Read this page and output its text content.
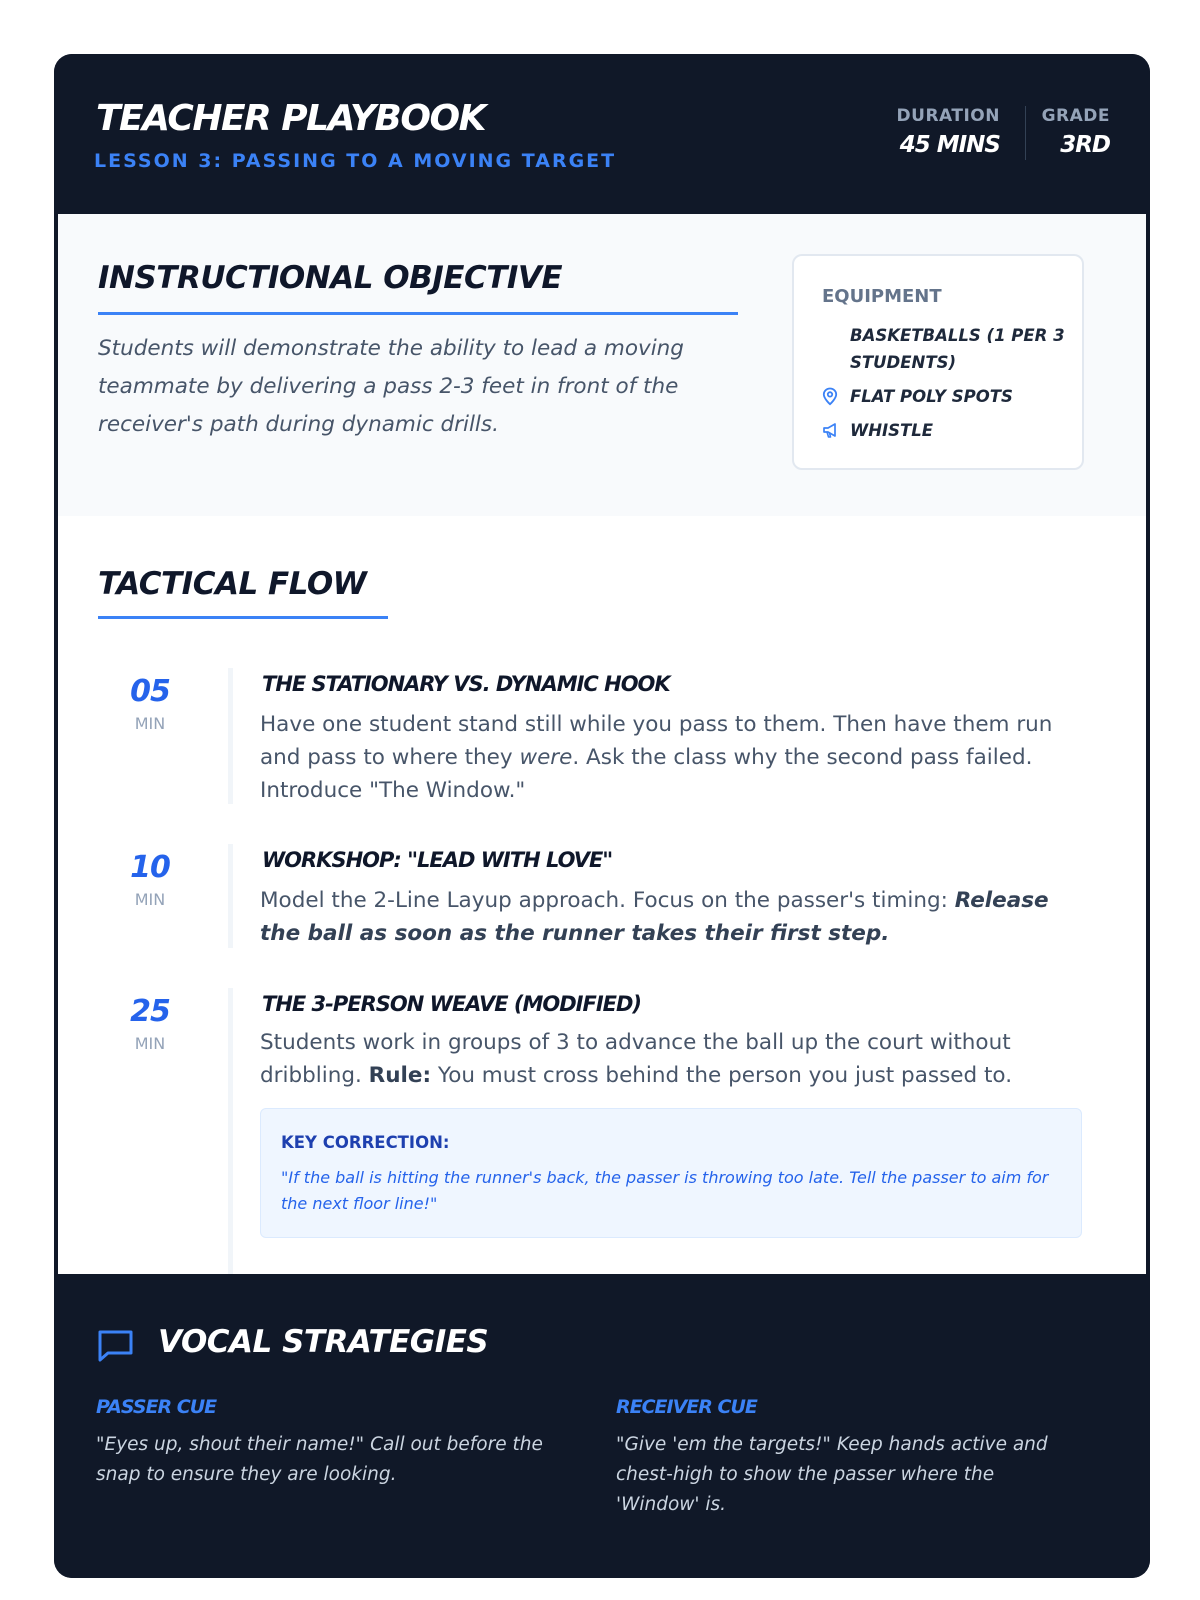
TEACHER PLAYBOOK
LESSON 3: PASSING TO A MOVING TARGET
DURATION
45 MINS
GRADE
3RD
INSTRUCTIONAL OBJECTIVE
Students will demonstrate the ability to lead a moving teammate by delivering a pass 2-3 feet in front of the receiver's path during dynamic drills.
EQUIPMENT
BASKETBALLS (1 PER 3 STUDENTS)
FLAT POLY SPOTS
WHISTLE
TACTICAL FLOW
05
MIN
THE STATIONARY VS. DYNAMIC HOOK
Have one student stand still while you pass to them. Then have them run and pass to where they were. Ask the class why the second pass failed. Introduce "The Window."
10
MIN
WORKSHOP: "LEAD WITH LOVE"
Model the 2-Line Layup approach. Focus on the passer's timing: Release the ball as soon as the runner takes their first step.
25
MIN
THE 3-PERSON WEAVE (MODIFIED)
Students work in groups of 3 to advance the ball up the court without dribbling. Rule: You must cross behind the person you just passed to.
KEY CORRECTION:
"If the ball is hitting the runner's back, the passer is throwing too late. Tell the passer to aim for the next floor line!"
VOCAL STRATEGIES
PASSER CUE
"Eyes up, shout their name!" Call out before the snap to ensure they are looking.
RECEIVER CUE
"Give 'em the targets!" Keep hands active and chest-high to show the passer where the 'Window' is.
